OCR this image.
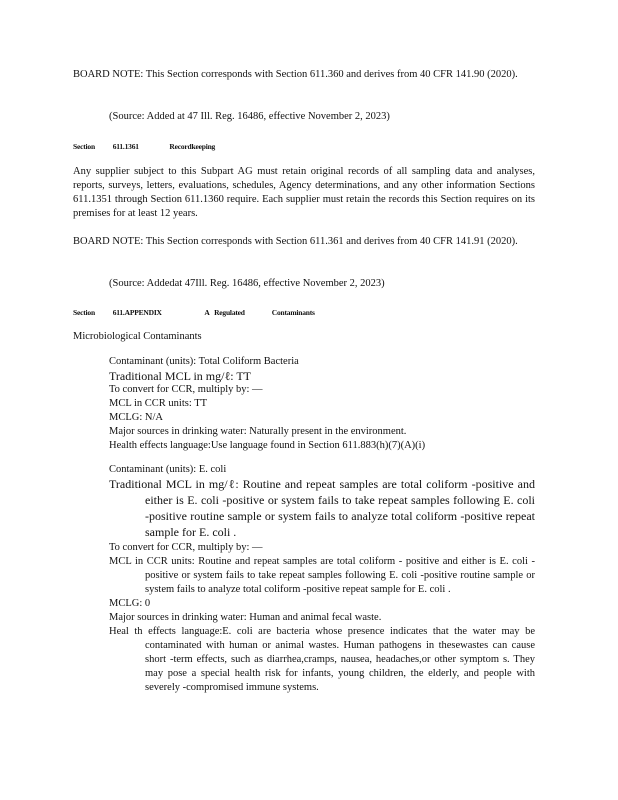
BOARD NOTE: This Section corresponds with Section 611.360 and derives from 40 CFR 141.90 (2020).

(Source: Added at 47 Ill. Reg. 16486, effective November 2, 2023)

Section 611.1361	Recordkeeping

Any supplier subject to this Subpart AG must retain original records of all sampling data and analyses, reports, surveys, letters, evaluations, schedules, Agency determinations, and any other information Sections 611.1351 through Section 611.1360 require. Each supplier must retain the records this Section requires on its premises for at least 12 years.

BOARD NOTE: This Section corresponds with Section 611.361 and derives from 40 CFR 141.91 (2020).

(Source: Addedat 47Ill. Reg. 16486, effective November 2, 2023)

Section 611.APPENDIX	A Regulated	Contaminants

Microbiological Contaminants

Contaminant (units): Total Coliform Bacteria
Traditional MCL in mg/ℓ: TT
To convert for CCR, multiply by: —
MCL in CCR units: TT
MCLG: N/A
Major sources in drinking water: Naturally present in the environment.
Health effects language:Use language found in Section 611.883(h)(7)(A)(i)
Contaminant (units): E. coli
Traditional MCL in mg/ℓ: Routine and repeat samples are total coliform -positive and either is E. coli -positive or system fails to take repeat samples following E. coli -positive routine sample or system fails to analyze total coliform -positive repeat sample for E. coli .
To convert for CCR, multiply by: —
MCL in CCR units: Routine and repeat samples are total coliform - positive and either is E. coli -positive or system fails to take repeat samples following E. coli -positive routine sample or system fails to analyze total coliform -positive repeat sample for E. coli .
MCLG: 0
Major sources in drinking water: Human and animal fecal waste.
Heal th effects language:E. coli are bacteria whose presence indicates that the water may be contaminated with human or animal wastes. Human pathogens in thesewastes can cause short -term effects, such as diarrhea,cramps, nausea, headaches,or other symptom s. They may pose a special health risk for infants, young children, the elderly, and people with severely -compromised immune systems.
